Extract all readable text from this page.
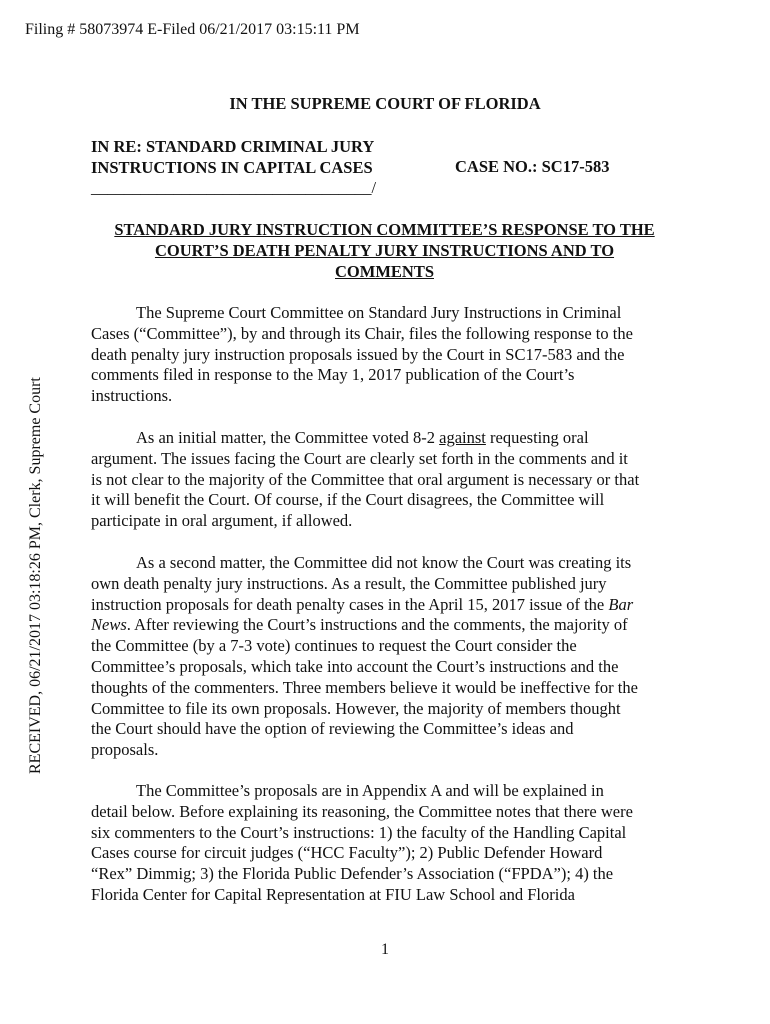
Filing # 58073974 E-Filed 06/21/2017 03:15:11 PM
RECEIVED, 06/21/2017 03:18:26 PM, Clerk, Supreme Court
IN THE SUPREME COURT OF FLORIDA
IN RE: STANDARD CRIMINAL JURY
INSTRUCTIONS IN CAPITAL CASES	CASE NO.: SC17-583
__________________________________/
STANDARD JURY INSTRUCTION COMMITTEE’S RESPONSE TO THE
COURT’S DEATH PENALTY JURY INSTRUCTIONS AND TO
COMMENTS
The Supreme Court Committee on Standard Jury Instructions in Criminal
Cases (“Committee”), by and through its Chair, files the following response to the
death penalty jury instruction proposals issued by the Court in SC17-583 and the
comments filed in response to the May 1, 2017 publication of the Court’s
instructions.
As an initial matter, the Committee voted 8-2 against requesting oral
argument. The issues facing the Court are clearly set forth in the comments and it
is not clear to the majority of the Committee that oral argument is necessary or that
it will benefit the Court. Of course, if the Court disagrees, the Committee will
participate in oral argument, if allowed.
As a second matter, the Committee did not know the Court was creating its
own death penalty jury instructions. As a result, the Committee published jury
instruction proposals for death penalty cases in the April 15, 2017 issue of the Bar
News. After reviewing the Court’s instructions and the comments, the majority of
the Committee (by a 7-3 vote) continues to request the Court consider the
Committee’s proposals, which take into account the Court’s instructions and the
thoughts of the commenters. Three members believe it would be ineffective for the
Committee to file its own proposals. However, the majority of members thought
the Court should have the option of reviewing the Committee’s ideas and
proposals.
The Committee’s proposals are in Appendix A and will be explained in
detail below. Before explaining its reasoning, the Committee notes that there were
six commenters to the Court’s instructions: 1) the faculty of the Handling Capital
Cases course for circuit judges (“HCC Faculty”); 2) Public Defender Howard
“Rex” Dimmig; 3) the Florida Public Defender’s Association (“FPDA”); 4) the
Florida Center for Capital Representation at FIU Law School and Florida
1
